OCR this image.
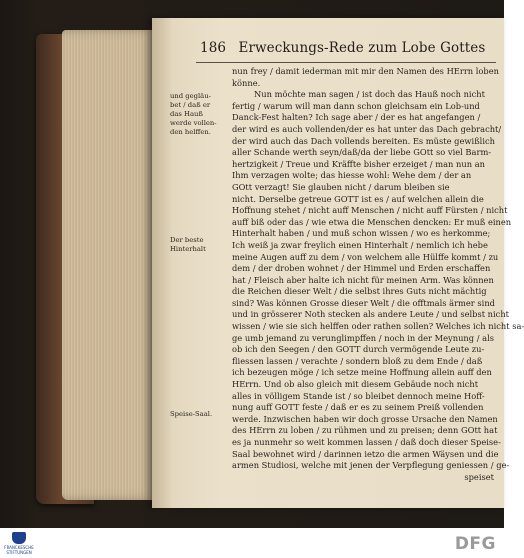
186 Erweckungs-Rede zum Lobe Gottes
nun frey / damit iederman mit mir den Namen des HErrn loben
könne.
Nun möchte man sagen / ist doch das Hauß noch nicht
fertig / warum will man dann schon gleichsam ein Lob-und
Danck-Fest halten? Ich sage aber / der es hat angefangen /
der wird es auch vollenden/der es hat unter das Dach gebracht/
der wird auch das Dach vollends bereiten. Es müste gewißlich
aller Schande werth seyn/daß/da der liebe GOtt so viel Barm-
hertzigkeit / Treue und Kräffte bisher erzeiget / man nun an
Ihm verzagen wolte; das hiesse wohl: Wehe dem / der an
GOtt verzagt! Sie glauben nicht / darum bleiben sie
nicht. Derselbe getreue GOTT ist es / auf welchen allein die
Hoffnung stehet / nicht auff Menschen / nicht auff Fürsten / nicht
auff biß oder das / wie etwa die Menschen dencken: Er muß einen
Hinterhalt haben / und muß schon wissen / wo es herkomme;
Ich weiß ja zwar freylich einen Hinterhalt / nemlich ich hebe
meine Augen auff zu dem / von welchem alle Hülffe kommt / zu
dem / der droben wohnet / der Himmel und Erden erschaffen
hat / Fleisch aber halte ich nicht für meinen Arm. Was können
die Reichen dieser Welt / die selbst ihres Guts nicht mächtig
sind? Was können Grosse dieser Welt / die offtmals ärmer sind
und in grösserer Noth stecken als andere Leute / und selbst nicht
wissen / wie sie sich helffen oder rathen sollen? Welches ich nicht sa-
ge umb jemand zu verunglimpffen / noch in der Meynung / als
ob ich den Seegen / den GOTT durch vermögende Leute zu-
fliessen lassen / verachte / sondern bloß zu dem Ende / daß
ich bezeugen möge / ich setze meine Hoffnung allein auff den
HErrn. Und ob also gleich mit diesem Gebäude noch nicht
alles in völligem Stande ist / so bleibet dennoch meine Hoff-
nung auff GOTT feste / daß er es zu seinem Preiß vollenden
werde. Inzwischen haben wir doch grosse Ursache den Namen
des HErrn zu loben / zu rühmen und zu preisen; denn GOtt hat
es ja nunmehr so weit kommen lassen / daß doch dieser Speise-
Saal bewohnet wird / darinnen ietzo die armen Wäysen und die
armen Studiosi, welche mit jenen der Verpflegung geniessen / ge-
speiset
und gegläu-
bet / daß er
das Hauß
werde vollen-
den helffen.
Der beste
Hinterhalt
Speise-Saal.
FRANCKESCHE
STIFTUNGEN	DFG
